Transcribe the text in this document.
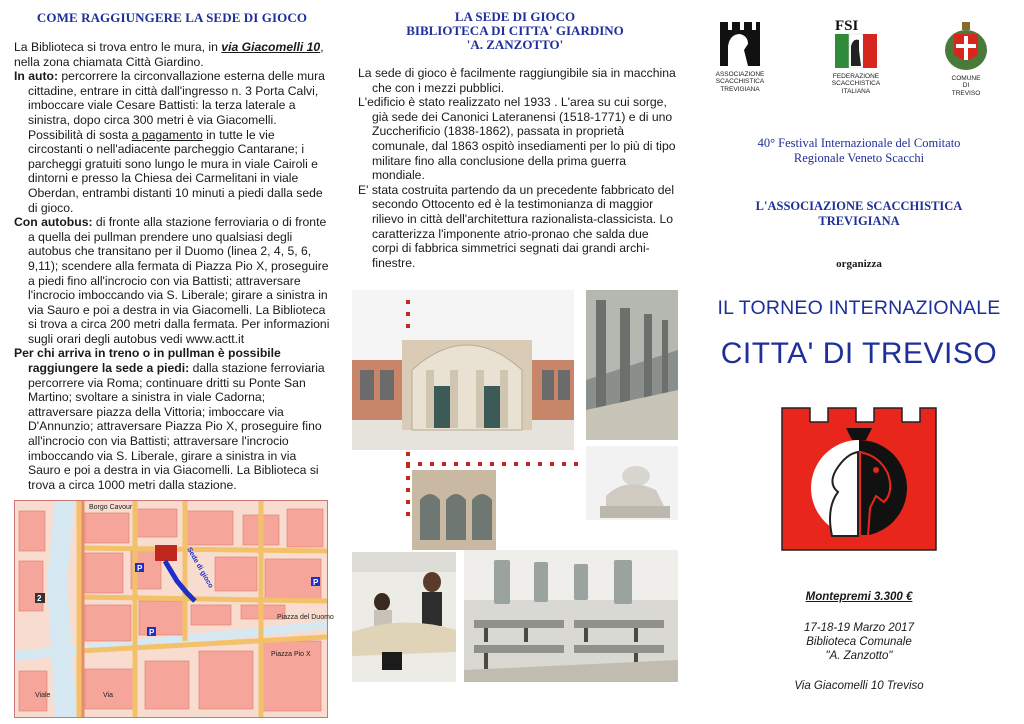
COME RAGGIUNGERE LA SEDE DI GIOCO

La Biblioteca si trova entro le mura, in via Giacomelli 10, nella zona chiamata Città Giardino.

In auto: percorrere la circonvallazione esterna delle mura cittadine, entrare in città dall'ingresso n. 3 Porta Calvi, imboccare viale Cesare Battisti: la terza laterale a sinistra, dopo circa 300 metri è via Giacomelli. Possibilità di sosta a pagamento in tutte le vie circostanti o nell'adiacente parcheggio Cantarane; i parcheggi gratuiti sono lungo le mura in viale Cairoli e dintorni e presso la Chiesa dei Carmelitani in viale Oberdan, entrambi distanti 10 minuti a piedi dalla sede di gioco.

Con autobus: di fronte alla stazione ferroviaria o di fronte a quella dei pullman prendere uno qualsiasi degli autobus che transitano per il Duomo (linea 2, 4, 5, 6, 9,11); scendere alla fermata di Piazza Pio X, proseguire a piedi fino all'incrocio con via Battisti; attraversare l'incrocio imboccando via S. Liberale; girare a sinistra in via Sauro e poi a destra in via Giacomelli. La Biblioteca si trova a circa 200 metri dalla fermata. Per informazioni sugli orari degli autobus vedi www.actt.it

Per chi arriva in treno o in pullman è possibile raggiungere la sede a piedi: dalla stazione ferroviaria percorrere via Roma; continuare dritti su Ponte San Martino; svoltare a sinistra in viale Cadorna; attraversare piazza della Vittoria; imboccare via D'Annunzio; attraversare Piazza Pio X, proseguire fino all'incrocio con via Battisti; attraversare l'incrocio imboccando via S. Liberale, girare a sinistra in via Sauro e poi a destra in via Giacomelli. La Biblioteca si trova a circa 1000 metri dalla stazione.

P
P
P
2
Borgo Cavour
Sede di gioco
Piazza del Duomo
Piazza Pio X
Viale	Via
LA SEDE DI GIOCO
BIBLIOTECA DI CITTA' GIARDINO
'A. ZANZOTTO'

La sede di gioco è facilmente raggiungibile sia in macchina che con i mezzi pubblici.

L'edificio è stato realizzato nel 1933 . L'area su cui sorge, già sede dei Canonici Lateranensi (1518-1771) e di uno Zuccherificio (1838-1862), passata in proprietà comunale, dal 1863 ospitò insediamenti per lo più di tipo militare fino alla conclusione della prima guerra mondiale.

E' stata costruita partendo da un precedente fabbricato del secondo Ottocento ed è la testimonianza di maggior rilievo in città dell'architettura razionalista-classicista. Lo caratterizza l'imponente atrio-pronao che salda due corpi di fabbrica simmetrici segnati dai grandi archi-finestre.

ASSOCIAZIONE
SCACCHISTICA
TREVIGIANA
FSI
FEDERAZIONE
SCACCHISTICA
ITALIANA
COMUNE
DI
TREVISO
40° Festival Internazionale del Comitato
Regionale Veneto Scacchi
L'ASSOCIAZIONE SCACCHISTICA
TREVIGIANA
organizza
IL TORNEO INTERNAZIONALE
CITTA' DI TREVISO
Montepremi 3.300 €
17-18-19 Marzo 2017
Biblioteca Comunale
"A. Zanzotto"
Via Giacomelli 10 Treviso
